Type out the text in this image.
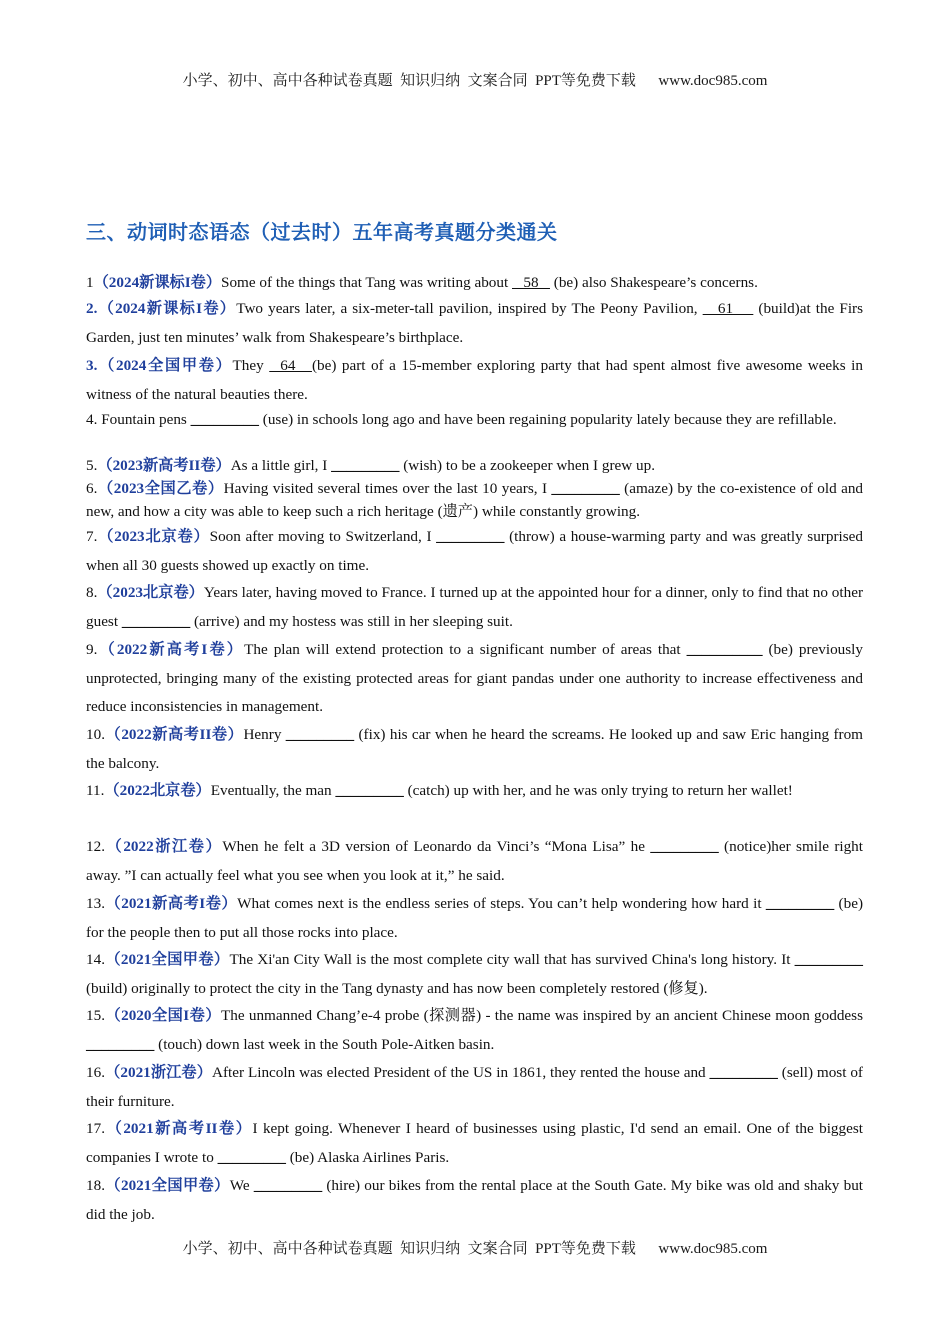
小学、初中、高中各种试卷真题  知识归纳  文案合同  PPT等免费下载      www.doc985.com
三、动词时态语态（过去时）五年高考真题分类通关
1（2024新课标I卷）Some of the things that Tang was writing about    58    (be) also Shakespeare’s concerns.
2.（2024新课标I卷）Two years later, a six-meter-tall pavilion, inspired by The Peony Pavilion,    61     (build)at the Firs Garden, just ten minutes’ walk from Shakespeare’s birthplace.
3.（2024全国甲卷）They   64   (be) part of a 15-member exploring party that had spent almost five awesome weeks in witness of the natural beauties there.
4. Fountain pens _________ (use) in schools long ago and have been regaining popularity lately because they are refillable.
5.（2023新高考II卷）As a little girl, I _________ (wish) to be a zookeeper when I grew up.
6.（2023全国乙卷）Having visited several times over the last 10 years, I _________ (amaze) by the co-existence of old and new, and how a city was able to keep such a rich heritage (遗产) while constantly growing.
7.（2023北京卷）Soon after moving to Switzerland, I _________ (throw) a house-warming party and was greatly surprised when all 30 guests showed up exactly on time.
8.（2023北京卷）Years later, having moved to France. I turned up at the appointed hour for a dinner, only to find that no other guest _________ (arrive) and my hostess was still in her sleeping suit.
9.（2022新高考I卷）The plan will extend protection to a significant number of areas that __________ (be) previously unprotected, bringing many of the existing protected areas for giant pandas under one authority to increase effectiveness and reduce inconsistencies in management.
10.（2022新高考II卷）Henry _________ (fix) his car when he heard the screams. He looked up and saw Eric hanging from the balcony.
11.（2022北京卷）Eventually, the man _________ (catch) up with her, and he was only trying to return her wallet!
12.（2022浙江卷）When he felt a 3D version of Leonardo da Vinci’s “Mona Lisa” he _________ (notice)her smile right away. ”I can actually feel what you see when you look at it,” he said.
13.（2021新高考I卷）What comes next is the endless series of steps. You can’t help wondering how hard it _________ (be) for the people then to put all those rocks into place.
14.（2021全国甲卷）The Xi'an City Wall is the most complete city wall that has survived China's long history. It _________ (build) originally to protect the city in the Tang dynasty and has now been completely restored (修复).
15.（2020全国I卷）The unmanned Chang’e-4 probe (探测器) - the name was inspired by an ancient Chinese moon goddess _________ (touch) down last week in the South Pole-Aitken basin.
16.（2021浙江卷）After Lincoln was elected President of the US in 1861, they rented the house and _________ (sell) most of their furniture.
17.（2021新高考II卷）I kept going. Whenever I heard of businesses using plastic, I'd send an email. One of the biggest companies I wrote to _________ (be) Alaska Airlines Paris.
18.（2021全国甲卷）We _________ (hire) our bikes from the rental place at the South Gate. My bike was old and shaky but did the job.
小学、初中、高中各种试卷真题  知识归纳  文案合同  PPT等免费下载      www.doc985.com
